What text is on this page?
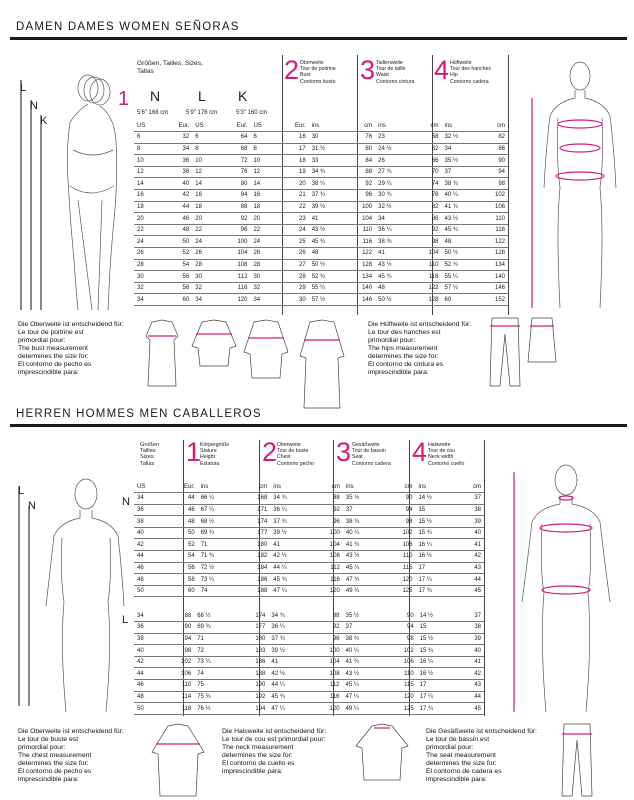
DAMEN DAMES WOMEN SEÑORAS
L
N
K
Größen, Tailles, Sizes, Tallas
1 N	L K
5'6" 168 cm	5'9" 176 cm	5'3" 160 cm
2 Oberweite
Tour de poitrine
Bust
Contorno busto 3 Taillenweite
Tour de taille
Waist
Contorno cintura 4 Hüftweite
Tour des hanches
Hip
Contorno cadera
US	Eur.	US	Eur.	US	Eur.	ins	cm	ins	cm	ins	cm
6	32	6	64	6	16	30	76	23	58	32 ½	82
8	34	8	68	8	17	31 ½	80	24 ½	62	34	86
10	36	10	72	10	18	33	84	26	66	35 ½	90
12	38	12	76	12	19	34 ¾	88	27 ¾	70	37	94
14	40	14	80	14	20	38 ¼	92	29 ¼	74	38 ¾	98
16	42	16	84	16	21	37 ¾	96	30 ¾	78	40 ¼	102
18	44	18	88	18	22	39 ½	100	32 ½	82	41 ¾	106
20	46	20	92	20	23	41	104	34	86	43 ½	110
22	48	22	96	22	24	43 ½	110	36 ¼	92	45 ¾	116
24	50	24	100	24	25	45 ¾	116	38 ¾	98	48	122
26	52	26	104	26	26	48	122	41	104	50 ½	128
28	54	28	108	28	27	50 ½	128	43 ½	110	52 ¾	134
30	56	30	112	30	28	52 ¾	134	45 ¾	116	55 ¼	140
32	58	32	116	32	29	55 ¼	140	48	122	57 ½	146
34	60	34	120	34	30	57 ½	146	50 ½	128	60	152
Die Oberweite ist entscheidend für:
Le tour de poitrine est
primordial pour:
The bust measurement
determines the size for:
El contorno de pecho es
imprescindible para:
Die Hüftweite ist entscheidend für:
Le tour des hanches est
primordial pour:
The hips measurement
determines the size for:
El contorno de cintura es
imprescindible para:
HERREN HOMMES MEN CABALLEROS
L
N
Größen
Tailles
Sizes
Tallas 1
Körpergröße
Stature
Height
Estatura	2 Oberweite
Tour de buste
Chest
Contorno pecho 3 Gesäßweite
Tour de bassin
Seat
Contorno cadera 4 Halsweite
Tour de cou
Neck width
Contorno cuello
N
L
US	Eur.	ins	cm	ins	cm	ins	cm	ins	cm
34	44	66 ¼	168	34 ¾	88	35 ½	90	14 ½	37
36	46	67 ¼	171	36 ¼	92	37	94	15	38
38	48	68 ½	174	37 ¾	96	38 ¾	98	15 ½	39
40	50	69 ¾	177	39 ½	100	40 ¼	102	15 ¾	40
42	52	71	180	41	104	41 ¾	106	16 ¼	41
44	54	71 ¾	182	42 ½	108	43 ½	110	16 ½	42
46	56	72 ½	184	44 ¼	112	45 ¼	115	17	43
48	58	73 ¼	186	45 ¾	116	47 ¾	120	17 ¼	44
50	60	74	188	47 ¼	120	49 ¼	125	17 ¾	45
34	88	68 ½	174	34 ¾	88	35 ½	90	14 ½	37
36	90	69 ¾	177	36 ¼	92	37	94	15	38
38	94	71	180	37 ¾	96	38 ¾	98	15 ½	39
40	98	72	183	39 ½	100	40 ¼	102	15 ¾	40
42	102	73 ¼	186	41	104	41 ¾	106	16 ¼	41
44	106	74	188	42 ½	108	43 ½	110	16 ½	42
46	110	75	190	44 ¼	112	45 ¼	115	17	43
48	114	75 ¾	192	45 ¾	116	47 ¼	120	17 ¼	44
50	118	76 ½	194	47 ¼	120	49 ¼	125	17 ¾	45
Die Oberweite ist entscheidend für:
Le tour de buste est
primordial pour:
The chest measurement
determines the size for:
El contorno de pecho es
imprescindible para:
Die Halsweite ist entscheidend für:
Le tour de cou est primordial pour:
The neck measurement
determines the size for:
El contorno de cuello es
imprescindible para:
Die Gesäßweite ist entscheidend für:
Le tour de bassin est
primordial pour:
The seat measurement
determines the size for:
El contorno de cadera es
imprescindible para:
